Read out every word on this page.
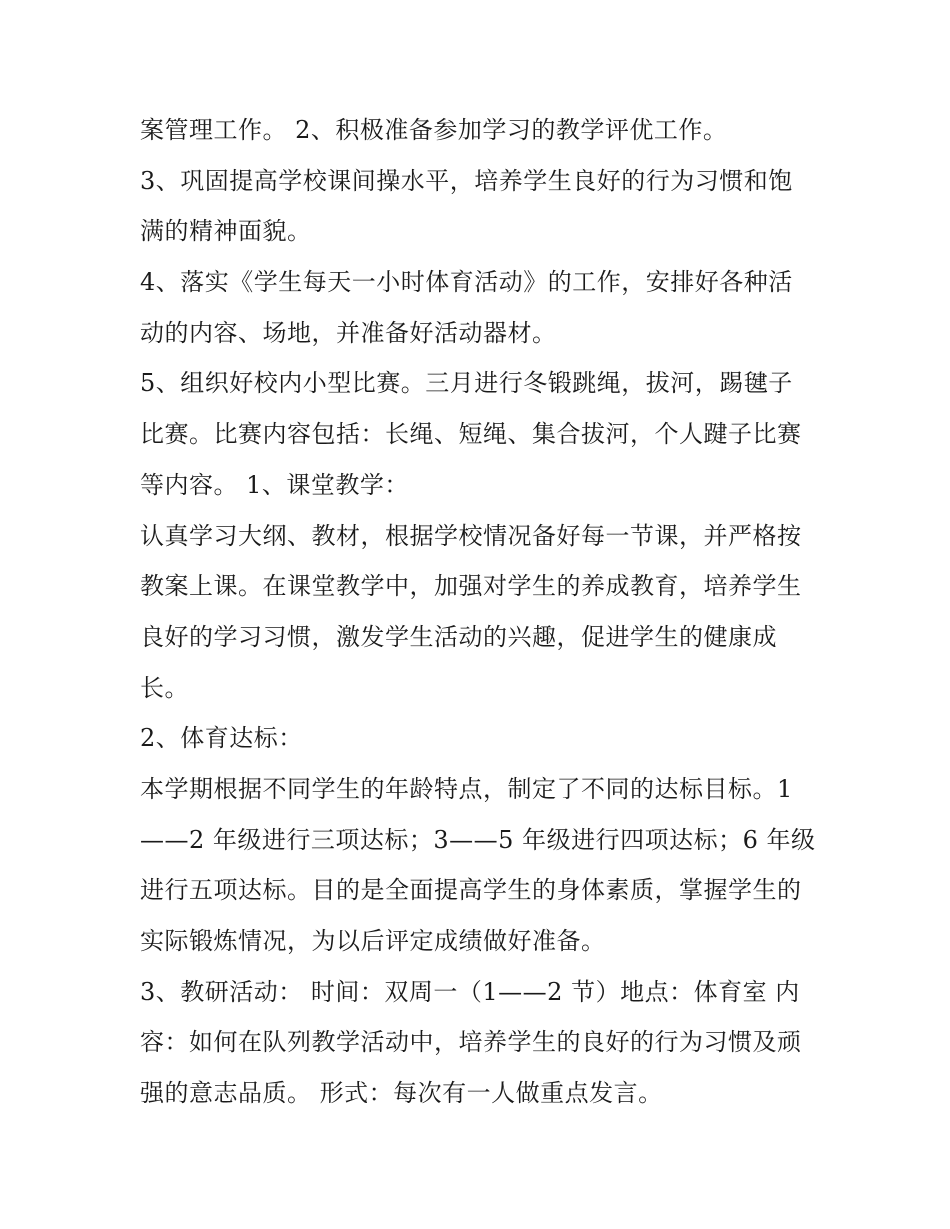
案管理工作。 2、积极准备参加学习的教学评优工作。
3、巩固提高学校课间操水平，培养学生良好的行为习惯和饱
满的精神面貌。
4、落实《学生每天一小时体育活动》的工作，安排好各种活
动的内容、场地，并准备好活动器材。
5、组织好校内小型比赛。三月进行冬锻跳绳，拔河，踢毽子
比赛。比赛内容包括：长绳、短绳、集合拔河，个人踺子比赛
等内容。 1、课堂教学：
认真学习大纲、教材，根据学校情况备好每一节课，并严格按
教案上课。在课堂教学中，加强对学生的养成教育，培养学生
良好的学习习惯，激发学生活动的兴趣，促进学生的健康成
长。
2、体育达标：
本学期根据不同学生的年龄特点，制定了不同的达标目标。1
——2 年级进行三项达标；3——5 年级进行四项达标；6 年级
进行五项达标。目的是全面提高学生的身体素质，掌握学生的
实际锻炼情况，为以后评定成绩做好准备。
3、教研活动： 时间：双周一（1——2 节）地点：体育室 内
容：如何在队列教学活动中，培养学生的良好的行为习惯及顽
强的意志品质。 形式：每次有一人做重点发言。
